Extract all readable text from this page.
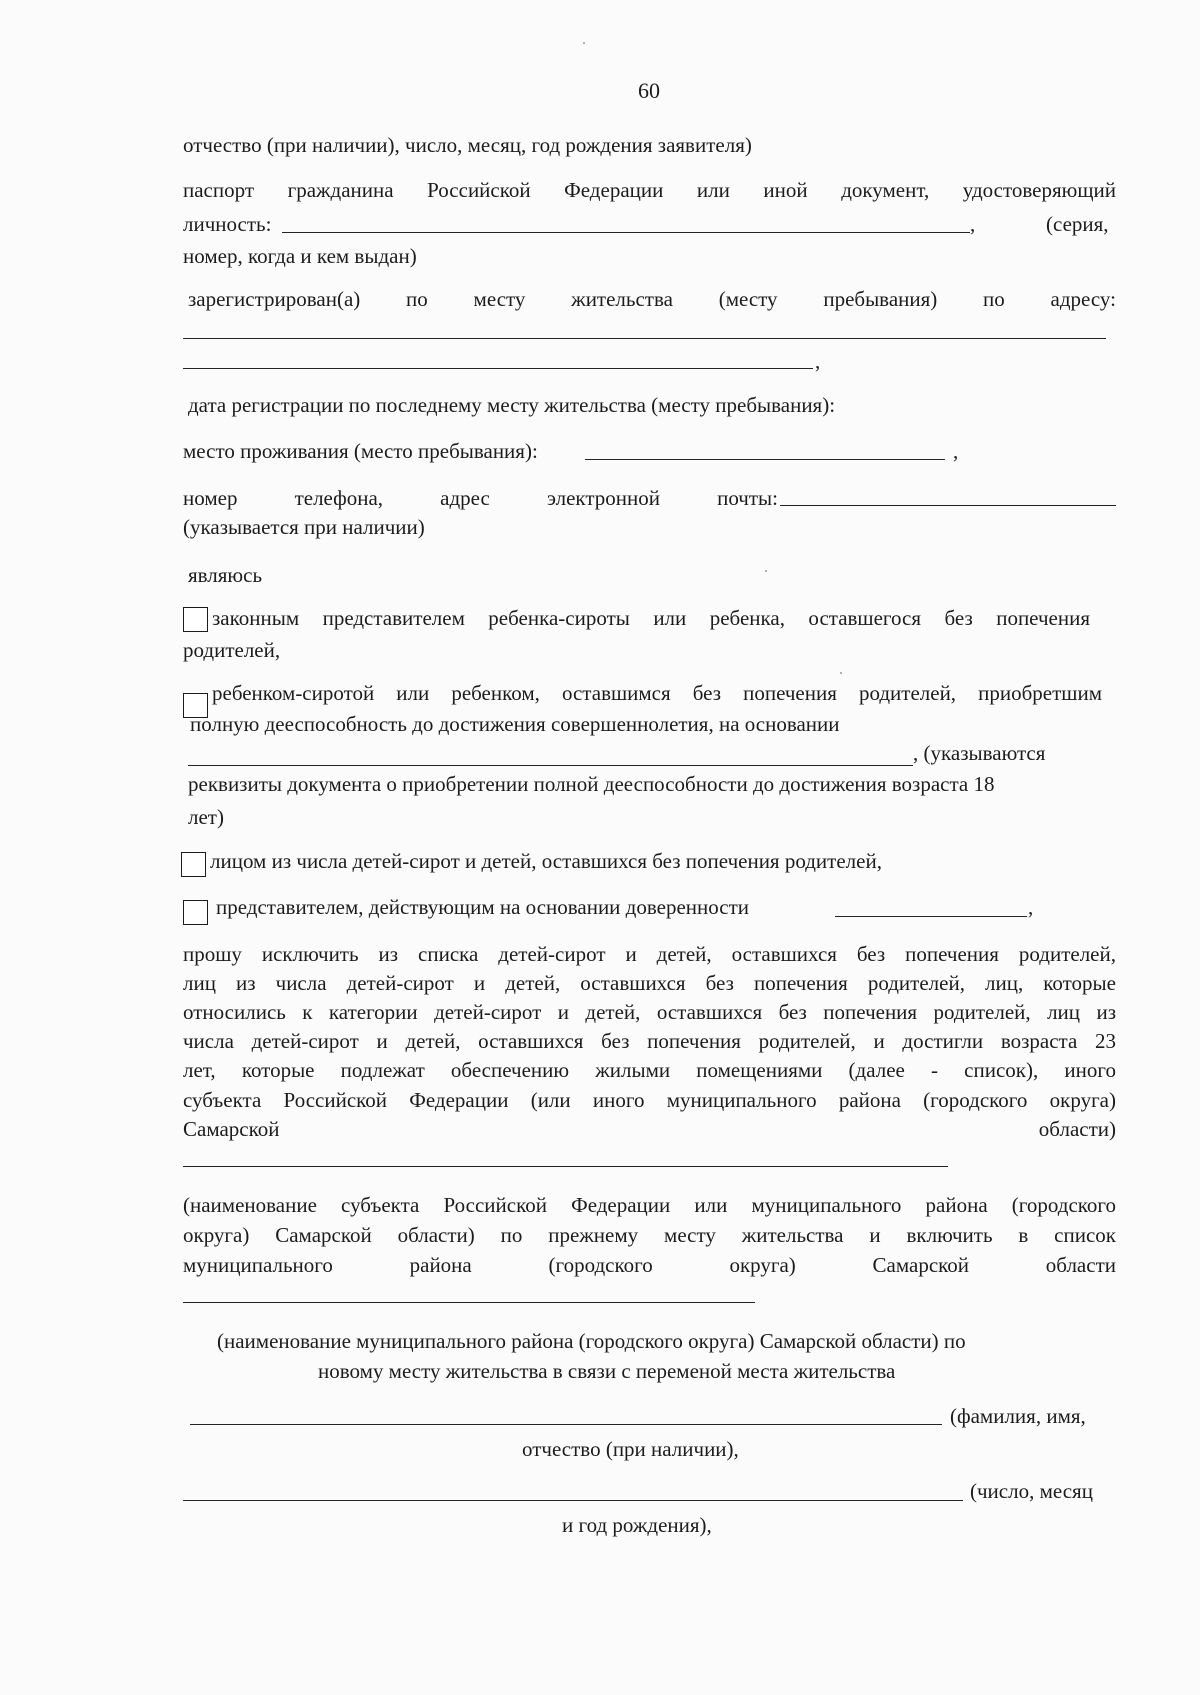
60
отчество (при наличии), число, месяц, год рождения заявителя)
паспорт гражданина Российской Федерации или иной документ, удостоверяющий
личность:	,	(серия,
номер, когда и кем выдан)
зарегистрирован(а) по месту жительства (месту пребывания) по адресу:
,
дата регистрации по последнему месту жительства (месту пребывания):
место проживания (место пребывания):	,
номер телефона, адрес электронной почты:
(указывается при наличии)
являюсь
законным представителем ребенка-сироты или ребенка, оставшегося без попечения
родителей,
ребенком-сиротой или ребенком, оставшимся без попечения родителей, приобретшим
полную дееспособность до достижения совершеннолетия, на основании
, (указываются
реквизиты документа о приобретении полной дееспособности до достижения возраста 18
лет)
лицом из числа детей-сирот и детей, оставшихся без попечения родителей,
представителем, действующим на основании доверенности	,
прошу исключить из списка детей-сирот и детей, оставшихся без попечения родителей,
лиц из числа детей-сирот и детей, оставшихся без попечения родителей, лиц, которые
относились к категории детей-сирот и детей, оставшихся без попечения родителей, лиц из
числа детей-сирот и детей, оставшихся без попечения родителей, и достигли возраста 23
лет, которые подлежат обеспечению жилыми помещениями (далее - список), иного
субъекта Российской Федерации (или иного муниципального района (городского округа)
Самарской области)
(наименование субъекта Российской Федерации или муниципального района (городского
округа) Самарской области) по прежнему месту жительства и включить в список
муниципального района (городского округа) Самарской области
(наименование муниципального района (городского округа) Самарской области) по
новому месту жительства в связи с переменой места жительства
(фамилия, имя,
отчество (при наличии),
(число, месяц
и год рождения),
